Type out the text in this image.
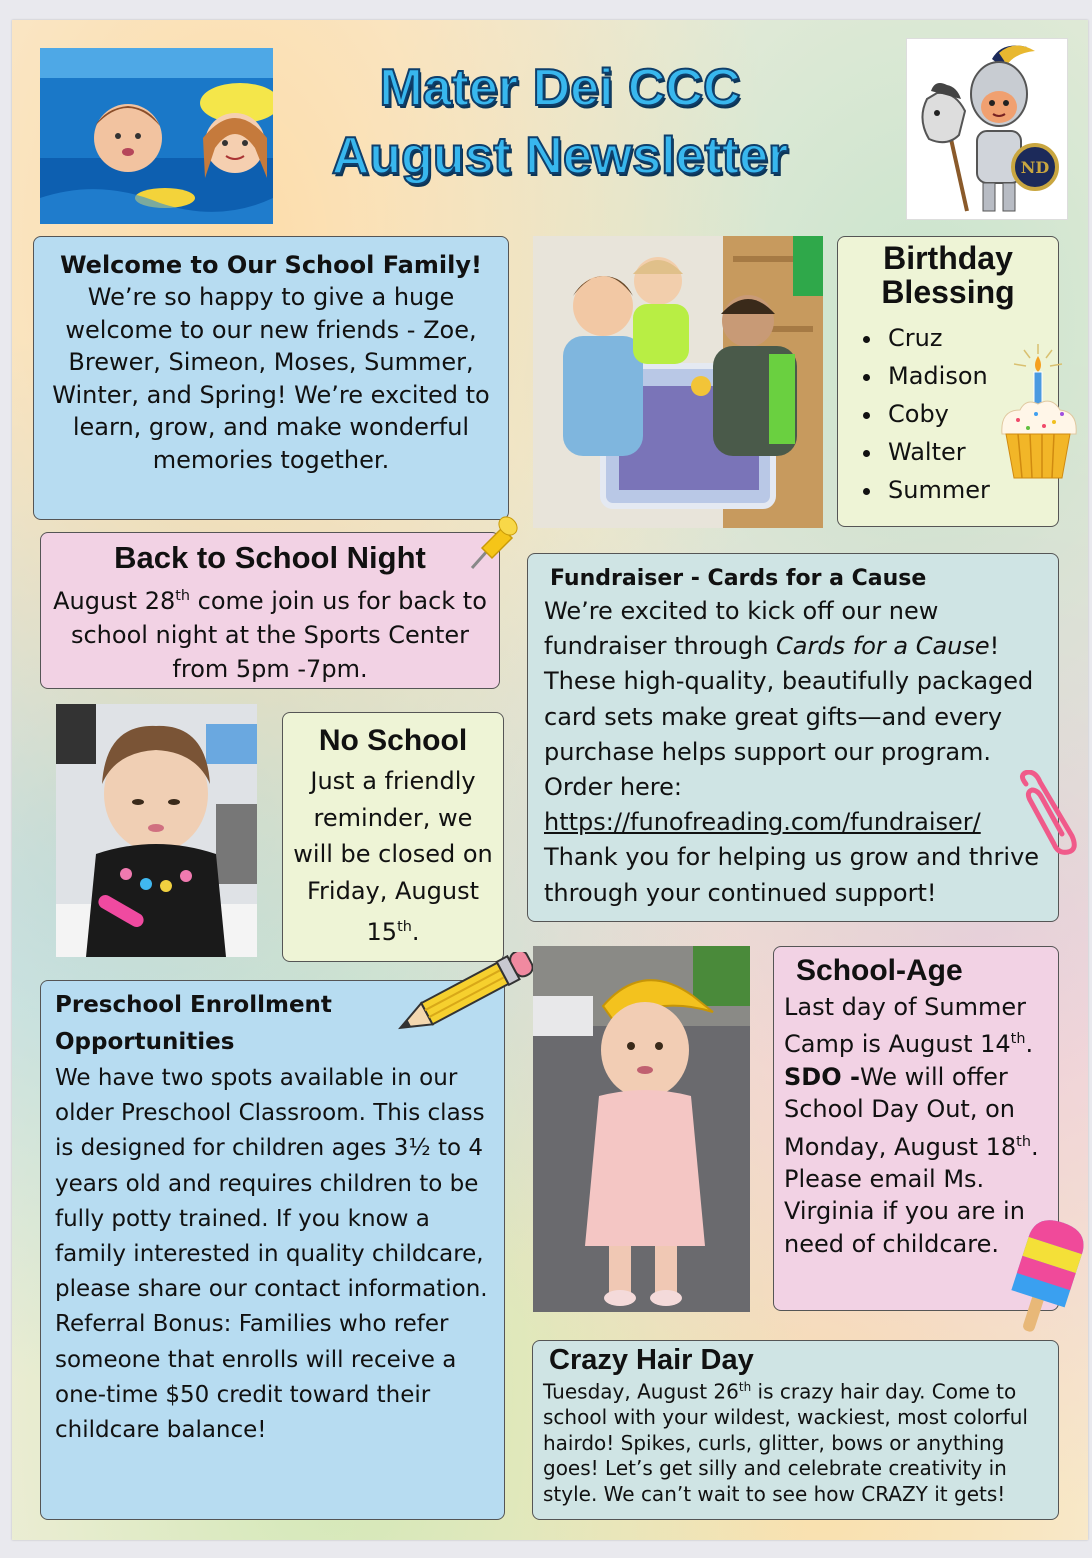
Mater Dei CCC
August Newsletter	ND
Welcome to Our School Family!
We’re so happy to give a huge welcome to our new friends - Zoe, Brewer, Simeon, Moses, Summer, Winter, and Spring! We’re excited to learn, grow, and make wonderful memories together.
Birthday
Blessing
• Cruz
• Madison
• Coby
• Walter
• Summer
Back to School Night
August 28th come join us for back to school night at the Sports Center from 5pm -7pm.
Fundraiser - Cards for a Cause
We’re excited to kick off our new fundraiser through Cards for a Cause! These high-quality, beautifully packaged card sets make great gifts—and every purchase helps support our program. Order here:
https://funofreading.com/fundraiser/
Thank you for helping us grow and thrive through your continued support!
No School
Just a friendly reminder, we will be closed on Friday, August 15th.
Preschool Enrollment
Opportunities
We have two spots available in our older Preschool Classroom. This class is designed for children ages 3½ to 4 years old and requires children to be fully potty trained. If you know a family interested in quality childcare, please share our contact information. Referral Bonus: Families who refer someone that enrolls will receive a one-time $50 credit toward their childcare balance!
School-Age
Last day of Summer Camp is August 14th.
SDO -We will offer School Day Out, on Monday, August 18th. Please email Ms. Virginia if you are in need of childcare.
Crazy Hair Day
Tuesday, August 26th is crazy hair day. Come to school with your wildest, wackiest, most colorful hairdo! Spikes, curls, glitter, bows or anything goes! Let’s get silly and celebrate creativity in style. We can’t wait to see how CRAZY it gets!
